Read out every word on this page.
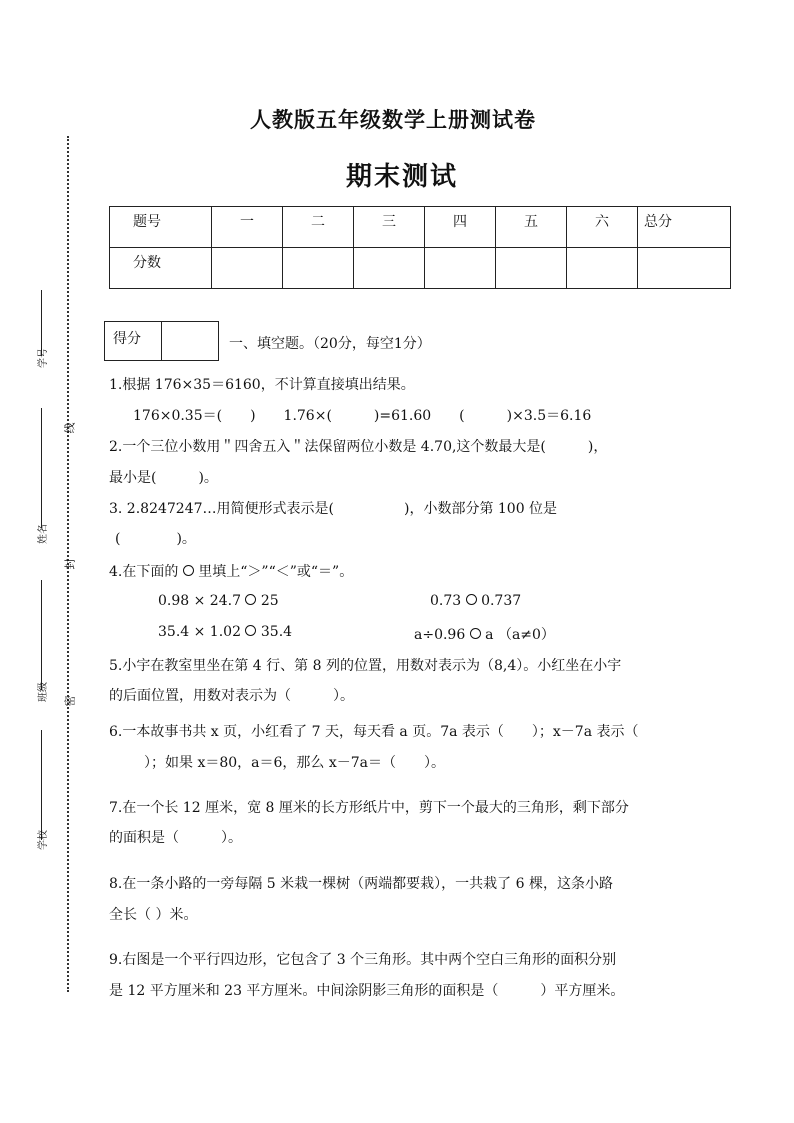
学号
姓名
班级
学校
线
封
密
人教版五年级数学上册测试卷
期末测试
题号	一	二	三	四	五	六	总分
分数							
得分		一、填空题。（20分，每空1分）
1.根据 176×35＝6160，不计算直接填出结果。
176×0.35＝(　　)　　1.76×(　　　)=61.60　　(　　　)×3.5＝6.16
2.一个三位小数用＂四舍五入＂法保留两位小数是 4.70,这个数最大是(　　　)，
最小是(　　　)。
3. 2.8247247…用简便形式表示是(　　　　　)，小数部分第 100 位是
(　　　　)。
4.在下面的 里填上“＞”“＜”或“＝”。
0.98 × 24.7 25	0.73 0.737
35.4 × 1.02 35.4	a÷0.96 a （a≠0）
5.小宇在教室里坐在第 4 行、第 8 列的位置，用数对表示为（8,4）。小红坐在小宇
的后面位置，用数对表示为（　　　）。
6.一本故事书共 x 页，小红看了 7 天，每天看 a 页。7a 表示（　　）；x－7a 表示（
　）；如果 x＝80，a＝6，那么 x－7a＝（　　）。
7.在一个长 12 厘米，宽 8 厘米的长方形纸片中，剪下一个最大的三角形，剩下部分
的面积是（　　　）。
8.在一条小路的一旁每隔 5 米栽一棵树（两端都要栽），一共栽了 6 棵，这条小路
全长（ ）米。
9.右图是一个平行四边形，它包含了 3 个三角形。其中两个空白三角形的面积分别
是 12 平方厘米和 23 平方厘米。中间涂阴影三角形的面积是（　　　）平方厘米。
